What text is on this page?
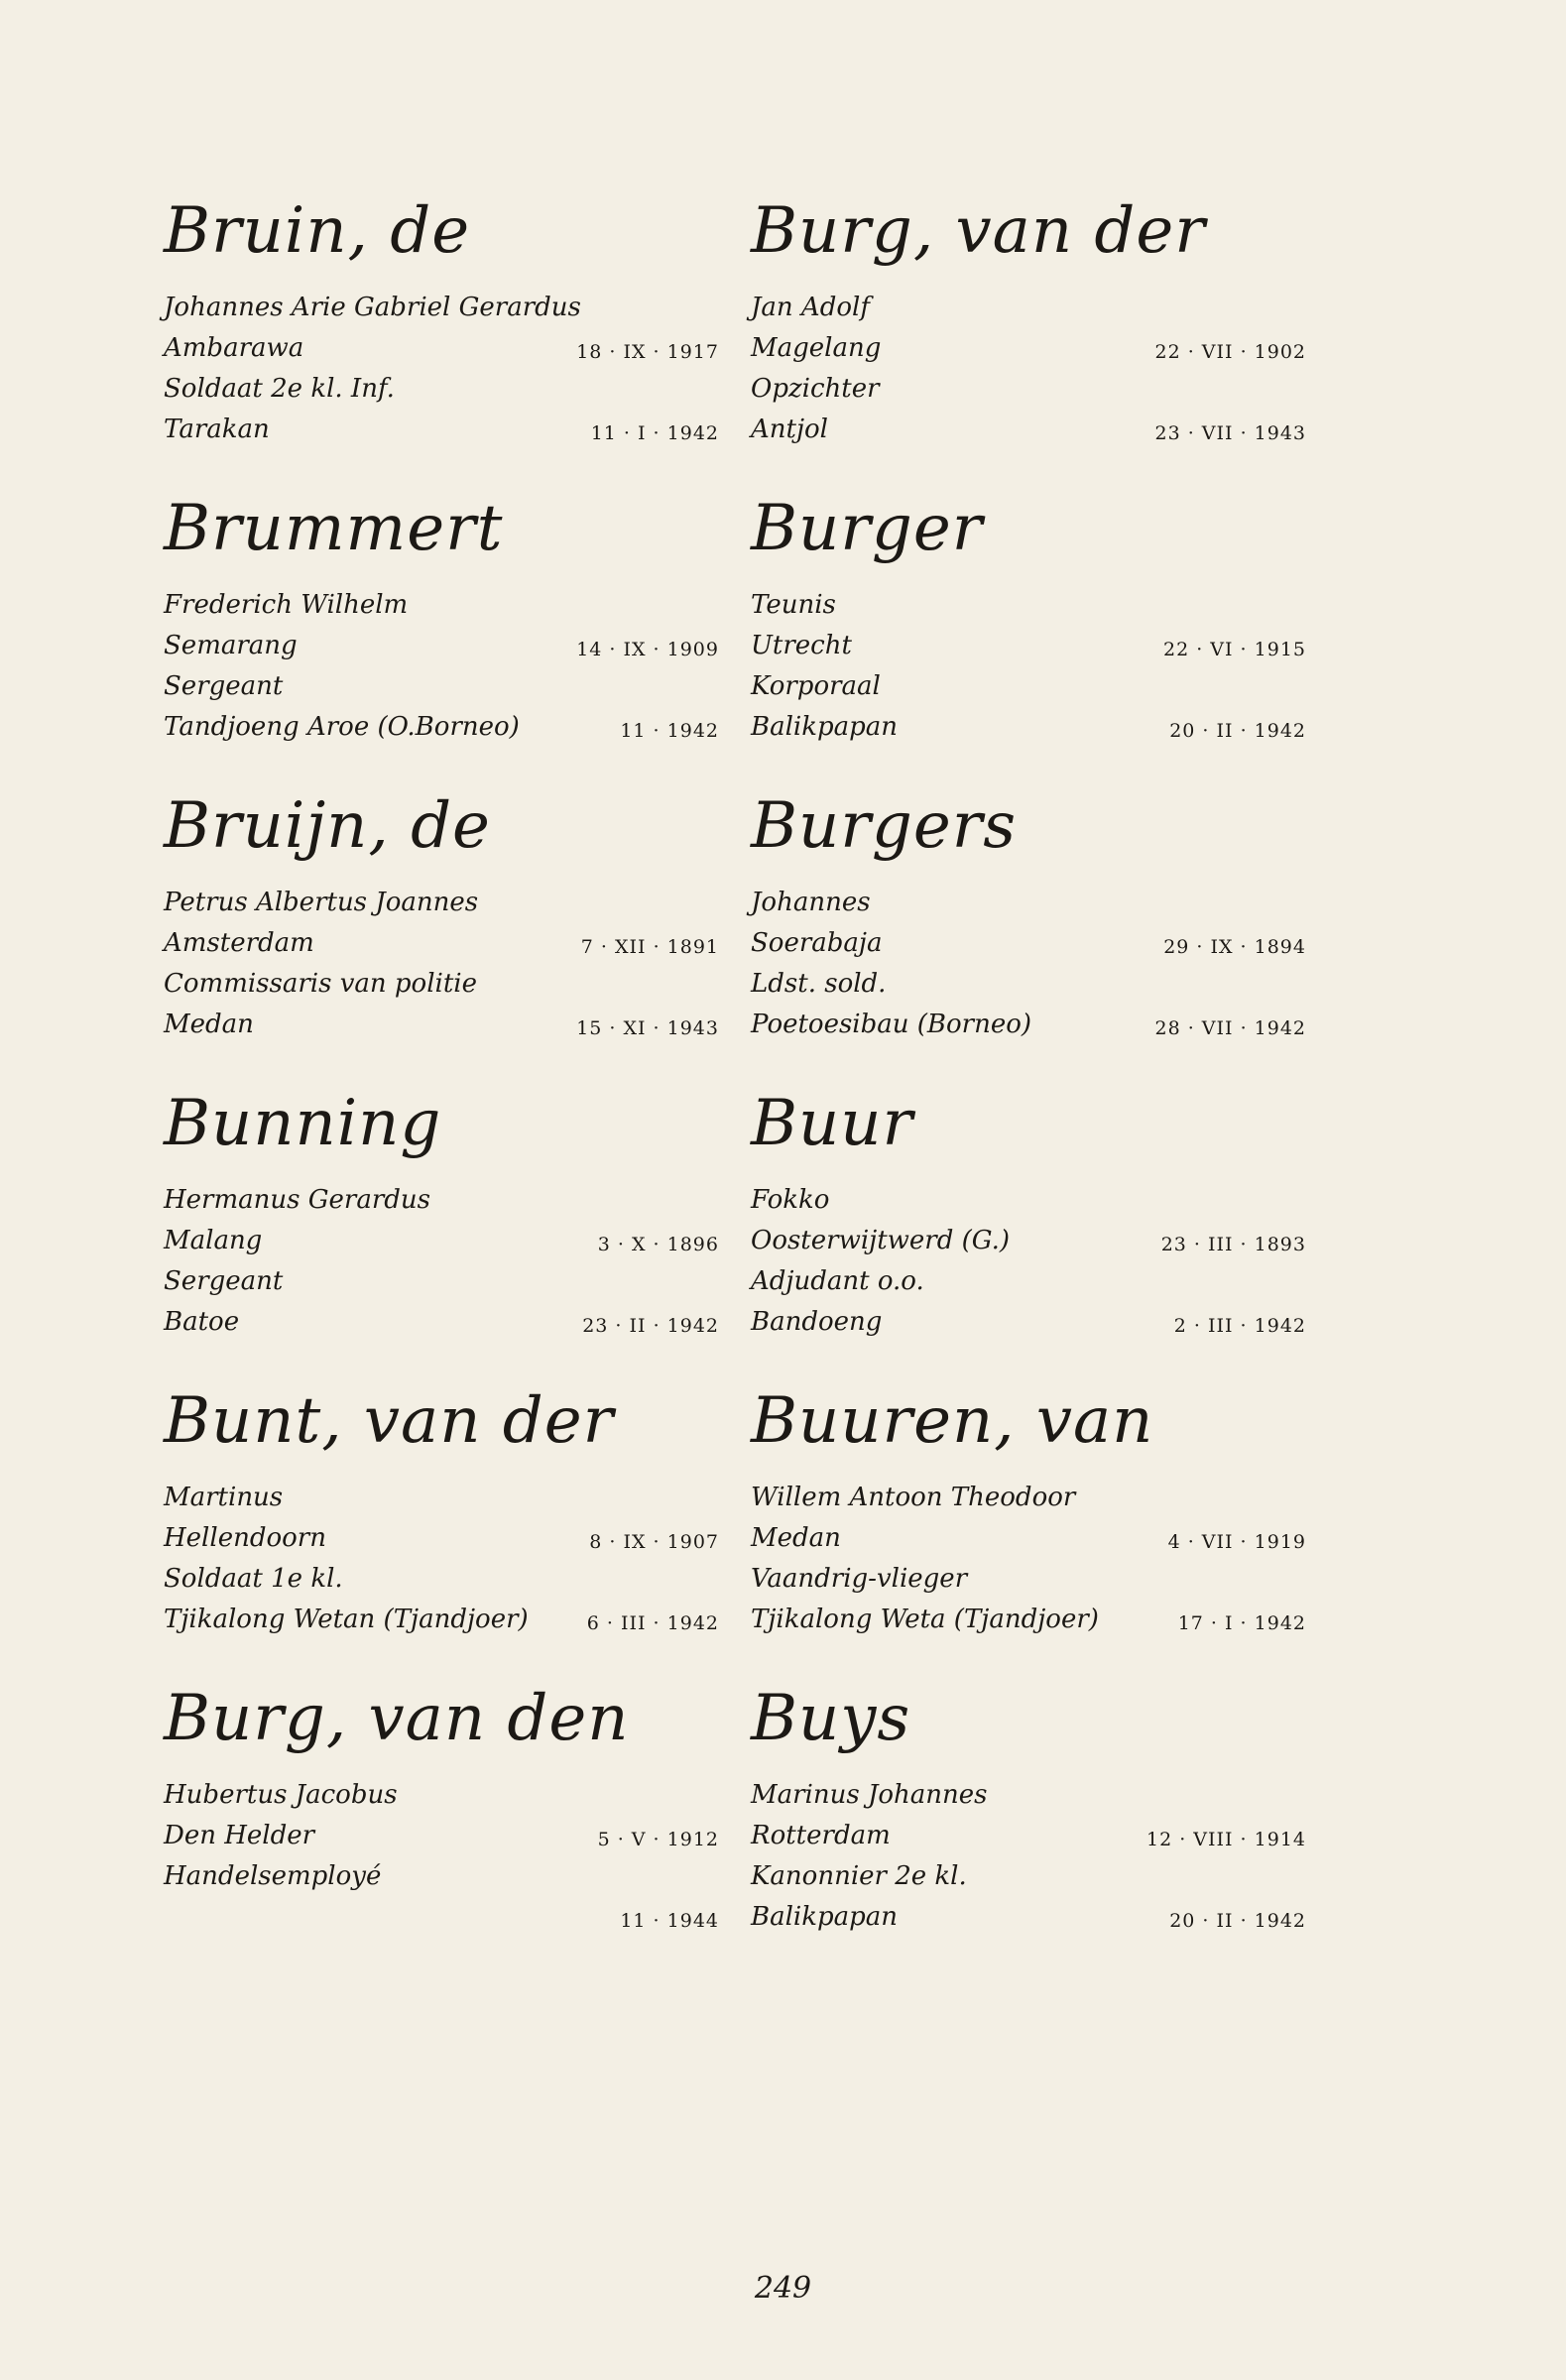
Bruin, de
Johannes Arie Gabriel Gerardus
Ambarawa	18 · IX · 1917
Soldaat 2e kl. Inf.
Tarakan	11 · I · 1942
Brummert
Frederich Wilhelm
Semarang	14 · IX · 1909
Sergeant
Tandjoeng Aroe (O.Borneo)	11 · 1942
Bruijn, de
Petrus Albertus Joannes
Amsterdam	7 · XII · 1891
Commissaris van politie
Medan	15 · XI · 1943
Bunning
Hermanus Gerardus
Malang	3 · X · 1896
Sergeant
Batoe	23 · II · 1942
Bunt, van der
Martinus
Hellendoorn	8 · IX · 1907
Soldaat 1e kl.
Tjikalong Wetan (Tjandjoer)	6 · III · 1942
Burg, van den
Hubertus Jacobus
Den Helder	5 · V · 1912
Handelsemployé
11 · 1944
Burg, van der
Jan Adolf
Magelang	22 · VII · 1902
Opzichter
Antjol	23 · VII · 1943
Burger
Teunis
Utrecht	22 · VI · 1915
Korporaal
Balikpapan	20 · II · 1942
Burgers
Johannes
Soerabaja	29 · IX · 1894
Ldst. sold.
Poetoesibau (Borneo)	28 · VII · 1942
Buur
Fokko
Oosterwijtwerd (G.)	23 · III · 1893
Adjudant o.o.
Bandoeng	2 · III · 1942
Buuren, van
Willem Antoon Theodoor
Medan	4 · VII · 1919
Vaandrig-vlieger
Tjikalong Weta (Tjandjoer)	17 · I · 1942
Buys
Marinus Johannes
Rotterdam	12 · VIII · 1914
Kanonnier 2e kl.
Balikpapan	20 · II · 1942
249
